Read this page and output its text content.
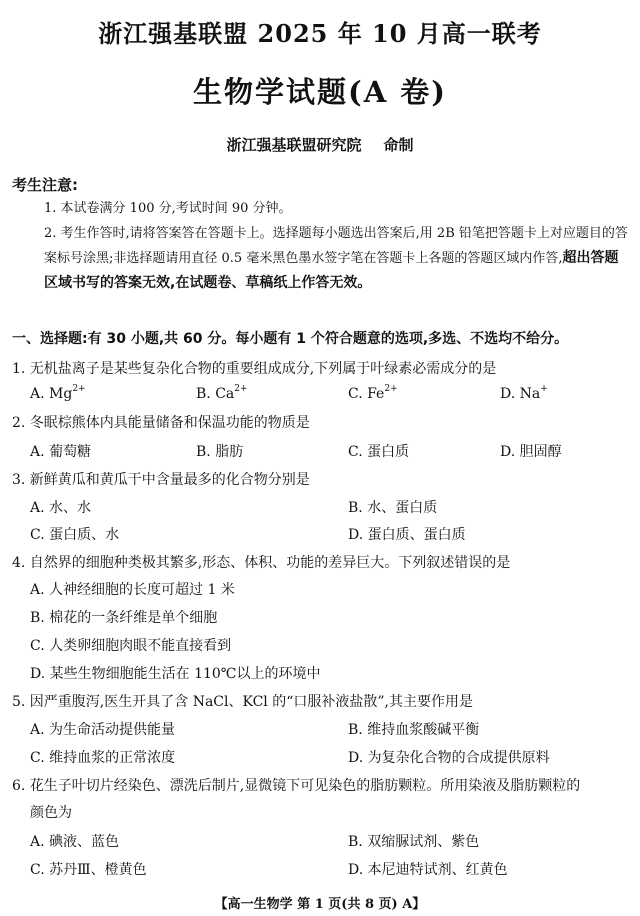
浙江强基联盟 2025 年 10 月高一联考
生物学试题(A 卷)
浙江强基联盟研究院 命制
考生注意:
1. 本试卷满分 100 分,考试时间 90 分钟。
2. 考生作答时,请将答案答在答题卡上。选择题每小题选出答案后,用 2B 铅笔把答题卡上对应题目的答案标号涂黑;非选择题请用直径 0.5 毫米黑色墨水签字笔在答题卡上各题的答题区域内作答,超出答题区域书写的答案无效,在试题卷、草稿纸上作答无效。
一、选择题:有 30 小题,共 60 分。每小题有 1 个符合题意的选项,多选、不选均不给分。
1. 无机盐离子是某些复杂化合物的重要组成成分,下列属于叶绿素必需成分的是
A. $Mg^{2+}$	B. $Ca^{2+}$	C. $Fe^{2+}$	D. Na+
2. 冬眠棕熊体内具能量储备和保温功能的物质是
A. 葡萄糖	B. 脂肪	C. 蛋白质	D. 胆固醇
3. 新鲜黄瓜和黄瓜干中含量最多的化合物分别是
A. 水、水	B. 水、蛋白质
C. 蛋白质、水	D. 蛋白质、蛋白质
4. 自然界的细胞种类极其繁多,形态、体积、功能的差异巨大。下列叙述错误的是
A. 人神经细胞的长度可超过 1 米
B. 棉花的一条纤维是单个细胞
C. 人类卵细胞肉眼不能直接看到
D. 某些生物细胞能生活在 110℃以上的环境中
5. 因严重腹泻,医生开具了含 NaCl、KCl 的“口服补液盐散”,其主要作用是
A. 为生命活动提供能量	B. 维持血浆酸碱平衡
C. 维持血浆的正常浓度	D. 为复杂化合物的合成提供原料
6. 花生子叶切片经染色、漂洗后制片,显微镜下可见染色的脂肪颗粒。所用染液及脂肪颗粒的
颜色为
A. 碘液、蓝色	B. 双缩脲试剂、紫色
C. 苏丹Ⅲ、橙黄色	D. 本尼迪特试剂、红黄色
【高一生物学 第 1 页(共 8 页) A】
